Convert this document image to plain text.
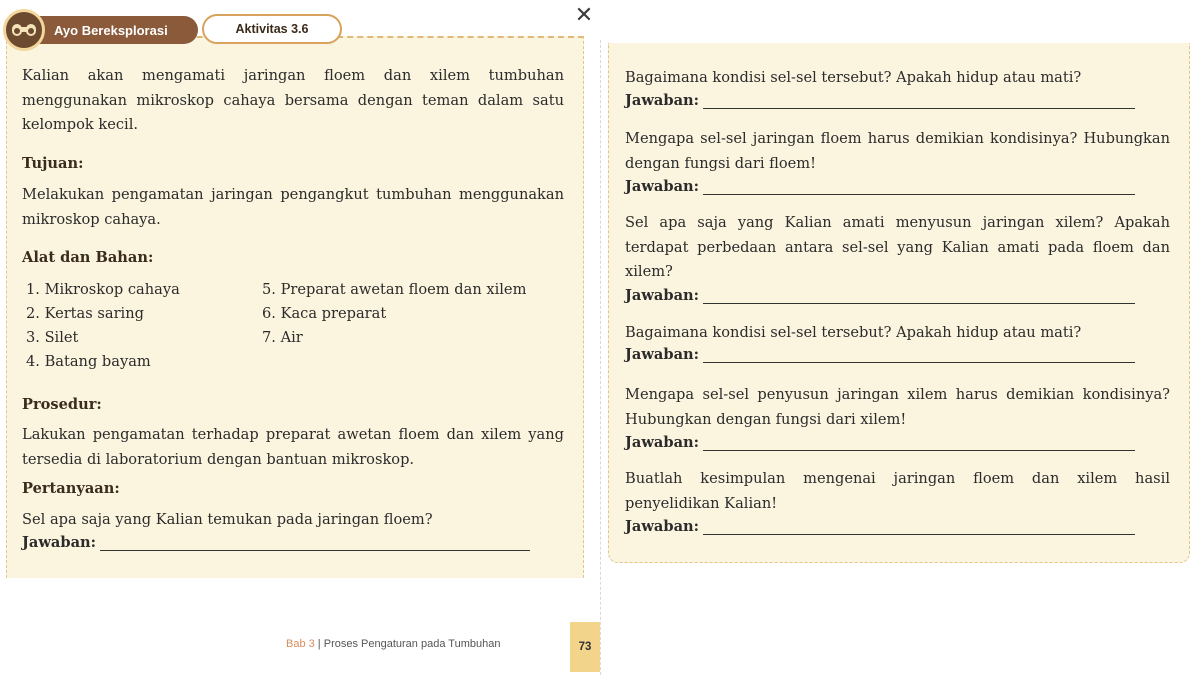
Ayo Bereksplorasi	Aktivitas 3.6

Kalian akan mengamati jaringan floem dan xilem tumbuhan menggunakan mikroskop cahaya bersama dengan teman dalam satu kelompok kecil.

Tujuan:

Melakukan pengamatan jaringan pengangkut tumbuhan menggunakan mikroskop cahaya.

Alat dan Bahan:

1. Mikroskop cahaya
2. Kertas saring
3. Silet
4. Batang bayam
5. Preparat awetan floem dan xilem
6. Kaca preparat
7. Air

Prosedur:

Lakukan pengamatan terhadap preparat awetan floem dan xilem yang tersedia di laboratorium dengan bantuan mikroskop.

Pertanyaan:

Sel apa saja yang Kalian temukan pada jaringan floem?

Jawaban:
Bab 3 | Proses Pengaturan pada Tumbuhan	73
✕

Bagaimana kondisi sel-sel tersebut? Apakah hidup atau mati?

Jawaban:

Mengapa sel-sel jaringan floem harus demikian kondisinya? Hubungkan dengan fungsi dari floem!

Jawaban:

Sel apa saja yang Kalian amati menyusun jaringan xilem? Apakah terdapat perbedaan antara sel-sel yang Kalian amati pada floem dan xilem?

Jawaban:

Bagaimana kondisi sel-sel tersebut? Apakah hidup atau mati?

Jawaban:

Mengapa sel-sel penyusun jaringan xilem harus demikian kondisinya? Hubungkan dengan fungsi dari xilem!

Jawaban:

Buatlah kesimpulan mengenai jaringan floem dan xilem hasil penyelidikan Kalian!

Jawaban:
